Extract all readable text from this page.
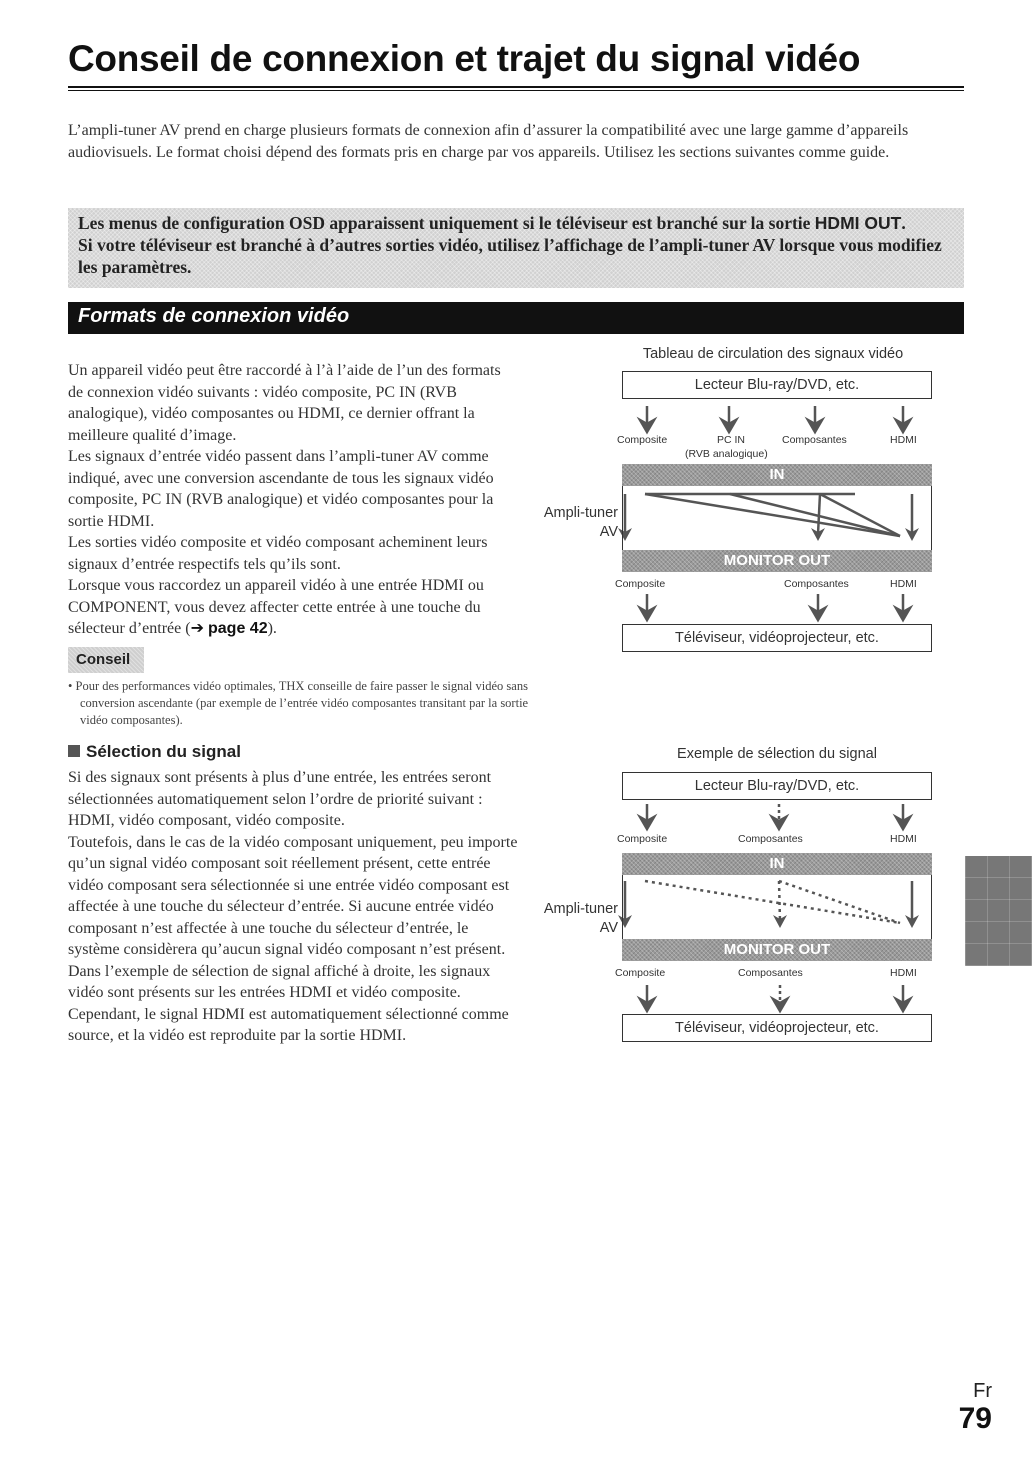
Conseil de connexion et trajet du signal vidéo

L’ampli-tuner AV prend en charge plusieurs formats de connexion afin d’assurer la compatibilité avec une large gamme d’appareils audiovisuels. Le format choisi dépend des formats pris en charge par vos appareils. Utilisez les sections suivantes comme guide.

Les menus de configuration OSD apparaissent uniquement si le téléviseur est branché sur la sortie HDMI OUT.
Si votre téléviseur est branché à d’autres sorties vidéo, utilisez l’affichage de l’ampli-tuner AV lorsque vous modifiez les paramètres.
Formats de connexion vidéo

Un appareil vidéo peut être raccordé à l’à l’aide de l’un des formats de connexion vidéo suivants : vidéo composite, PC IN (RVB analogique), vidéo composantes ou HDMI, ce dernier offrant la meilleure qualité d’image.

Les signaux d’entrée vidéo passent dans l’ampli-tuner AV comme indiqué, avec une conversion ascendante de tous les signaux vidéo composite, PC IN (RVB analogique) et vidéo composantes pour la sortie HDMI.

Les sorties vidéo composite et vidéo composant acheminent leurs signaux d’entrée respectifs tels qu’ils sont.

Lorsque vous raccordez un appareil vidéo à une entrée HDMI ou COMPONENT, vous devez affecter cette entrée à une touche du sélecteur d’entrée (➔ page 42).

Conseil
• Pour des performances vidéo optimales, THX conseille de faire passer le signal vidéo sans conversion ascendante (par exemple de l’entrée vidéo composantes transitant par la sortie vidéo composantes).
Sélection du signal

Si des signaux sont présents à plus d’une entrée, les entrées seront sélectionnées automatiquement selon l’ordre de priorité suivant : HDMI, vidéo composant, vidéo composite.

Toutefois, dans le cas de la vidéo composant uniquement, peu importe qu’un signal vidéo composant soit réellement présent, cette entrée vidéo composant sera sélectionnée si une entrée vidéo composant est affectée à une touche du sélecteur d’entrée. Si aucune entrée vidéo composant n’est affectée à une touche du sélecteur d’entrée, le système considèrera qu’aucun signal vidéo composant n’est présent.

Dans l’exemple de sélection de signal affiché à droite, les signaux vidéo sont présents sur les entrées HDMI et vidéo composite. Cependant, le signal HDMI est automatiquement sélectionné comme source, et la vidéo est reproduite par la sortie HDMI.

Tableau de circulation des signaux vidéo
Lecteur Blu-ray/DVD, etc.
Composite	PC IN
(RVB analogique)
Composantes	HDMI
IN
Ampli-tuner
AV
MONITOR OUT
Composite	Composantes	HDMI
Téléviseur, vidéoprojecteur, etc.
Exemple de sélection du signal
Lecteur Blu-ray/DVD, etc.
Composite	Composantes	HDMI
IN
Ampli-tuner
AV
MONITOR OUT
Composite	Composantes	HDMI
Téléviseur, vidéoprojecteur, etc.
Fr
79
